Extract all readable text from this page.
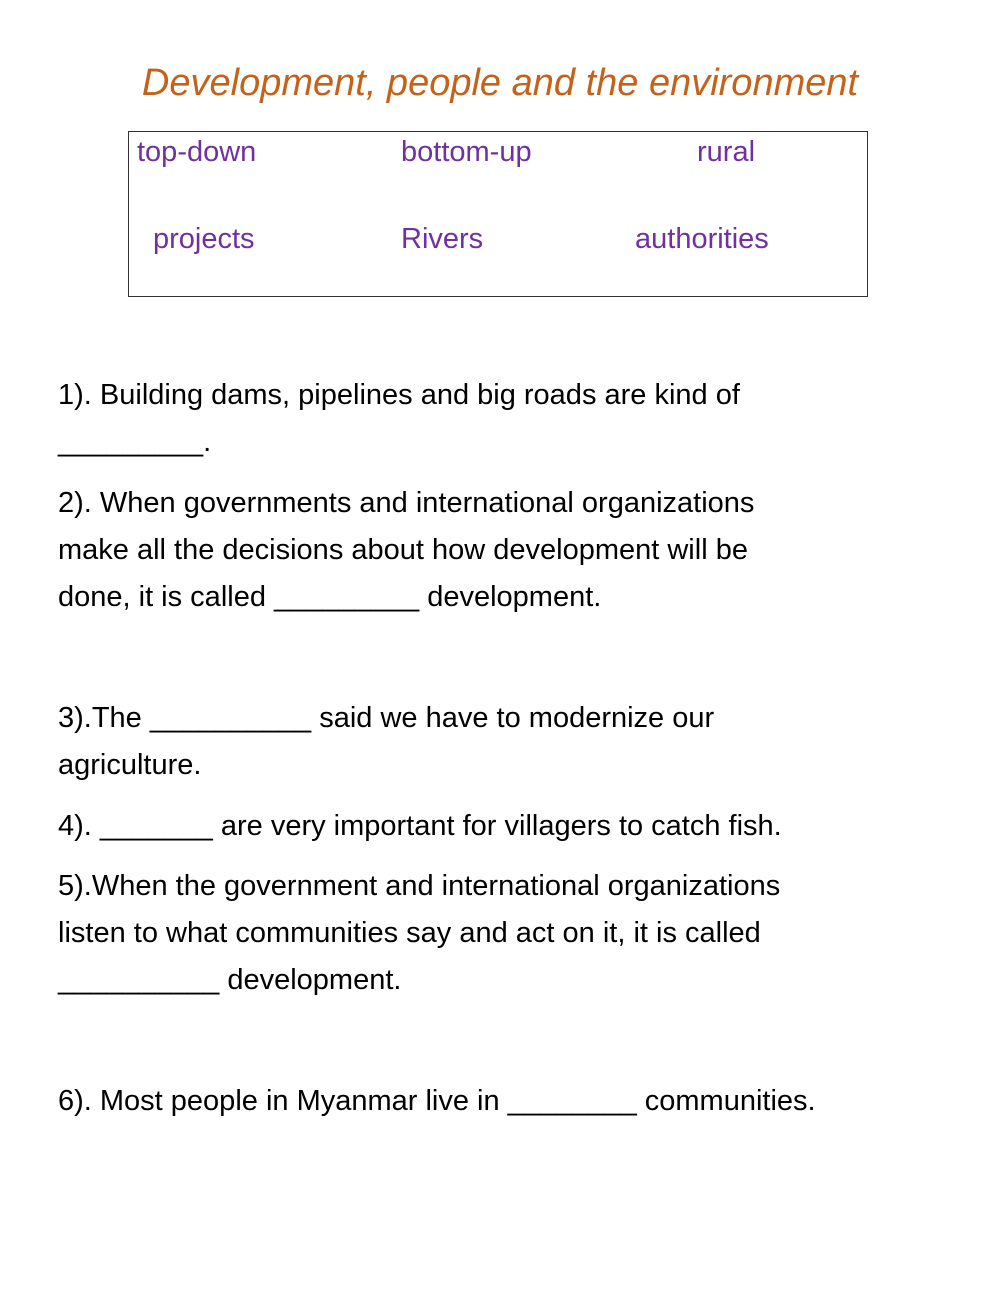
Development, people and the environment
top-down	bottom-up	rural
projects	Rivers	authorities
1). Building dams, pipelines and big roads are kind of
_________.
2). When governments and international organizations
make all the decisions about how development will be
done, it is called _________ development.
3).The __________ said we have to modernize our
agriculture.
4). _______ are very important for villagers to catch fish.
5).When the government and international organizations
listen to what communities say and act on it, it is called
__________ development.
6). Most people in Myanmar live in ________ communities.
